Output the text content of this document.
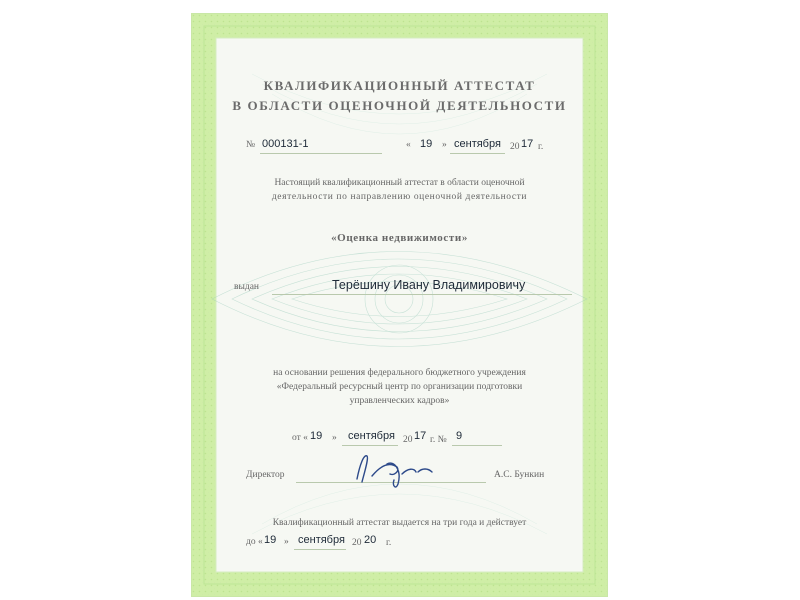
КВАЛИФИКАЦИОННЫЙ АТТЕСТАТ
В ОБЛАСТИ ОЦЕНОЧНОЙ ДЕЯТЕЛЬНОСТИ
№ 000131-1	« 19 » сентября 20 17 г.
Настоящий квалификационный аттестат в области оценочной
деятельности по направлению оценочной деятельности
«Оценка недвижимости»
выдан	Терёшину Ивану Владимировичу
на основании решения федерального бюджетного учреждения
«Федеральный ресурсный центр по организации подготовки
управленческих кадров»
от « 19 » сентября 20 17 г. № 9
Директор	А.С. Бункин
Квалификационный аттестат выдается на три года и действует
до « 19 » сентября 20 20 г.
